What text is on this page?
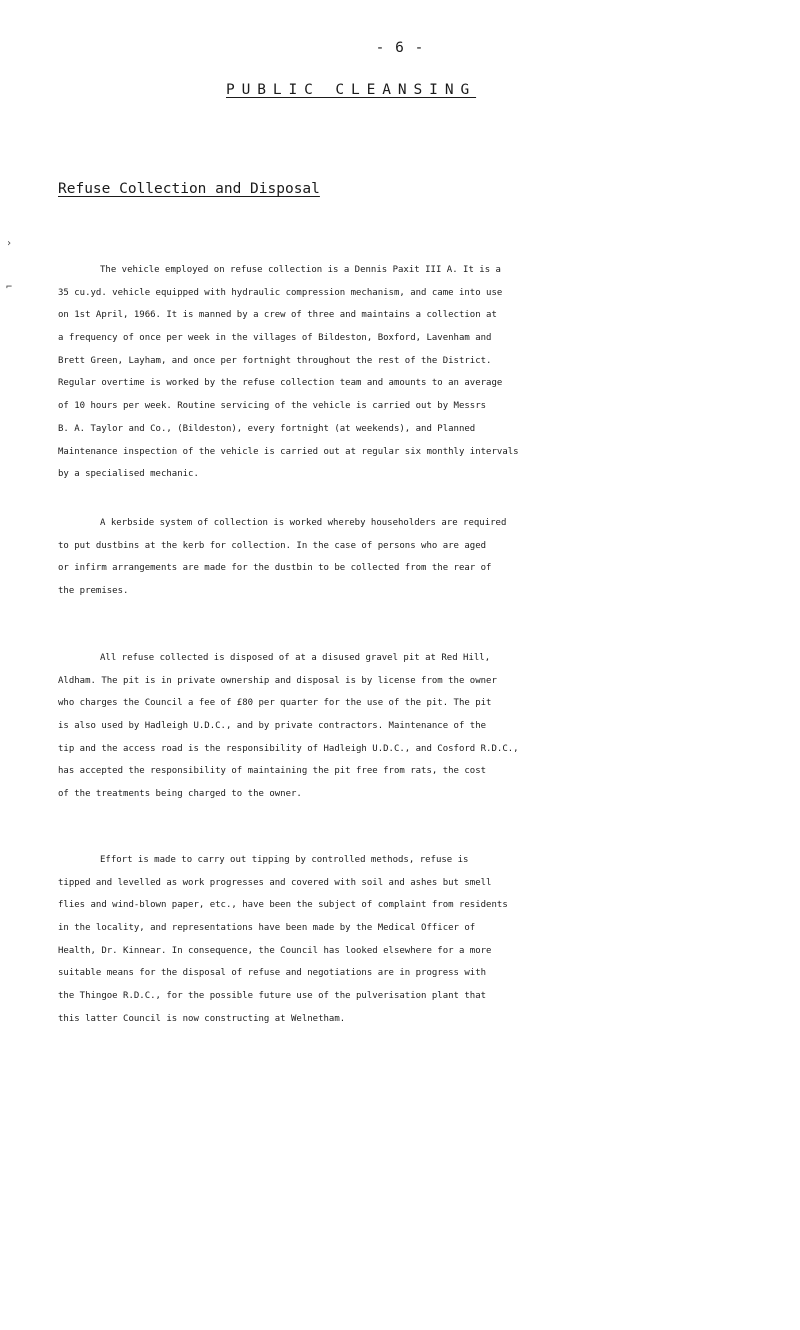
- 6 -
PUBLIC CLEANSING
Refuse Collection and Disposal
›
⌐
The vehicle employed on refuse collection is a Dennis Paxit III A. It is a
35 cu.yd. vehicle equipped with hydraulic compression mechanism, and came into use
on 1st April, 1966. It is manned by a crew of three and maintains a collection at
a frequency of once per week in the villages of Bildeston, Boxford, Lavenham and
Brett Green, Layham, and once per fortnight throughout the rest of the District.
Regular overtime is worked by the refuse collection team and amounts to an average
of 10 hours per week. Routine servicing of the vehicle is carried out by Messrs
B. A. Taylor and Co., (Bildeston), every fortnight (at weekends), and Planned
Maintenance inspection of the vehicle is carried out at regular six monthly intervals
by a specialised mechanic.
A kerbside system of collection is worked whereby householders are required
to put dustbins at the kerb for collection. In the case of persons who are aged
or infirm arrangements are made for the dustbin to be collected from the rear of
the premises.
All refuse collected is disposed of at a disused gravel pit at Red Hill,
Aldham. The pit is in private ownership and disposal is by license from the owner
who charges the Council a fee of £80 per quarter for the use of the pit. The pit
is also used by Hadleigh U.D.C., and by private contractors. Maintenance of the
tip and the access road is the responsibility of Hadleigh U.D.C., and Cosford R.D.C.,
has accepted the responsibility of maintaining the pit free from rats, the cost
of the treatments being charged to the owner.
Effort is made to carry out tipping by controlled methods, refuse is
tipped and levelled as work progresses and covered with soil and ashes but smell
flies and wind-blown paper, etc., have been the subject of complaint from residents
in the locality, and representations have been made by the Medical Officer of
Health, Dr. Kinnear. In consequence, the Council has looked elsewhere for a more
suitable means for the disposal of refuse and negotiations are in progress with
the Thingoe R.D.C., for the possible future use of the pulverisation plant that
this latter Council is now constructing at Welnetham.
